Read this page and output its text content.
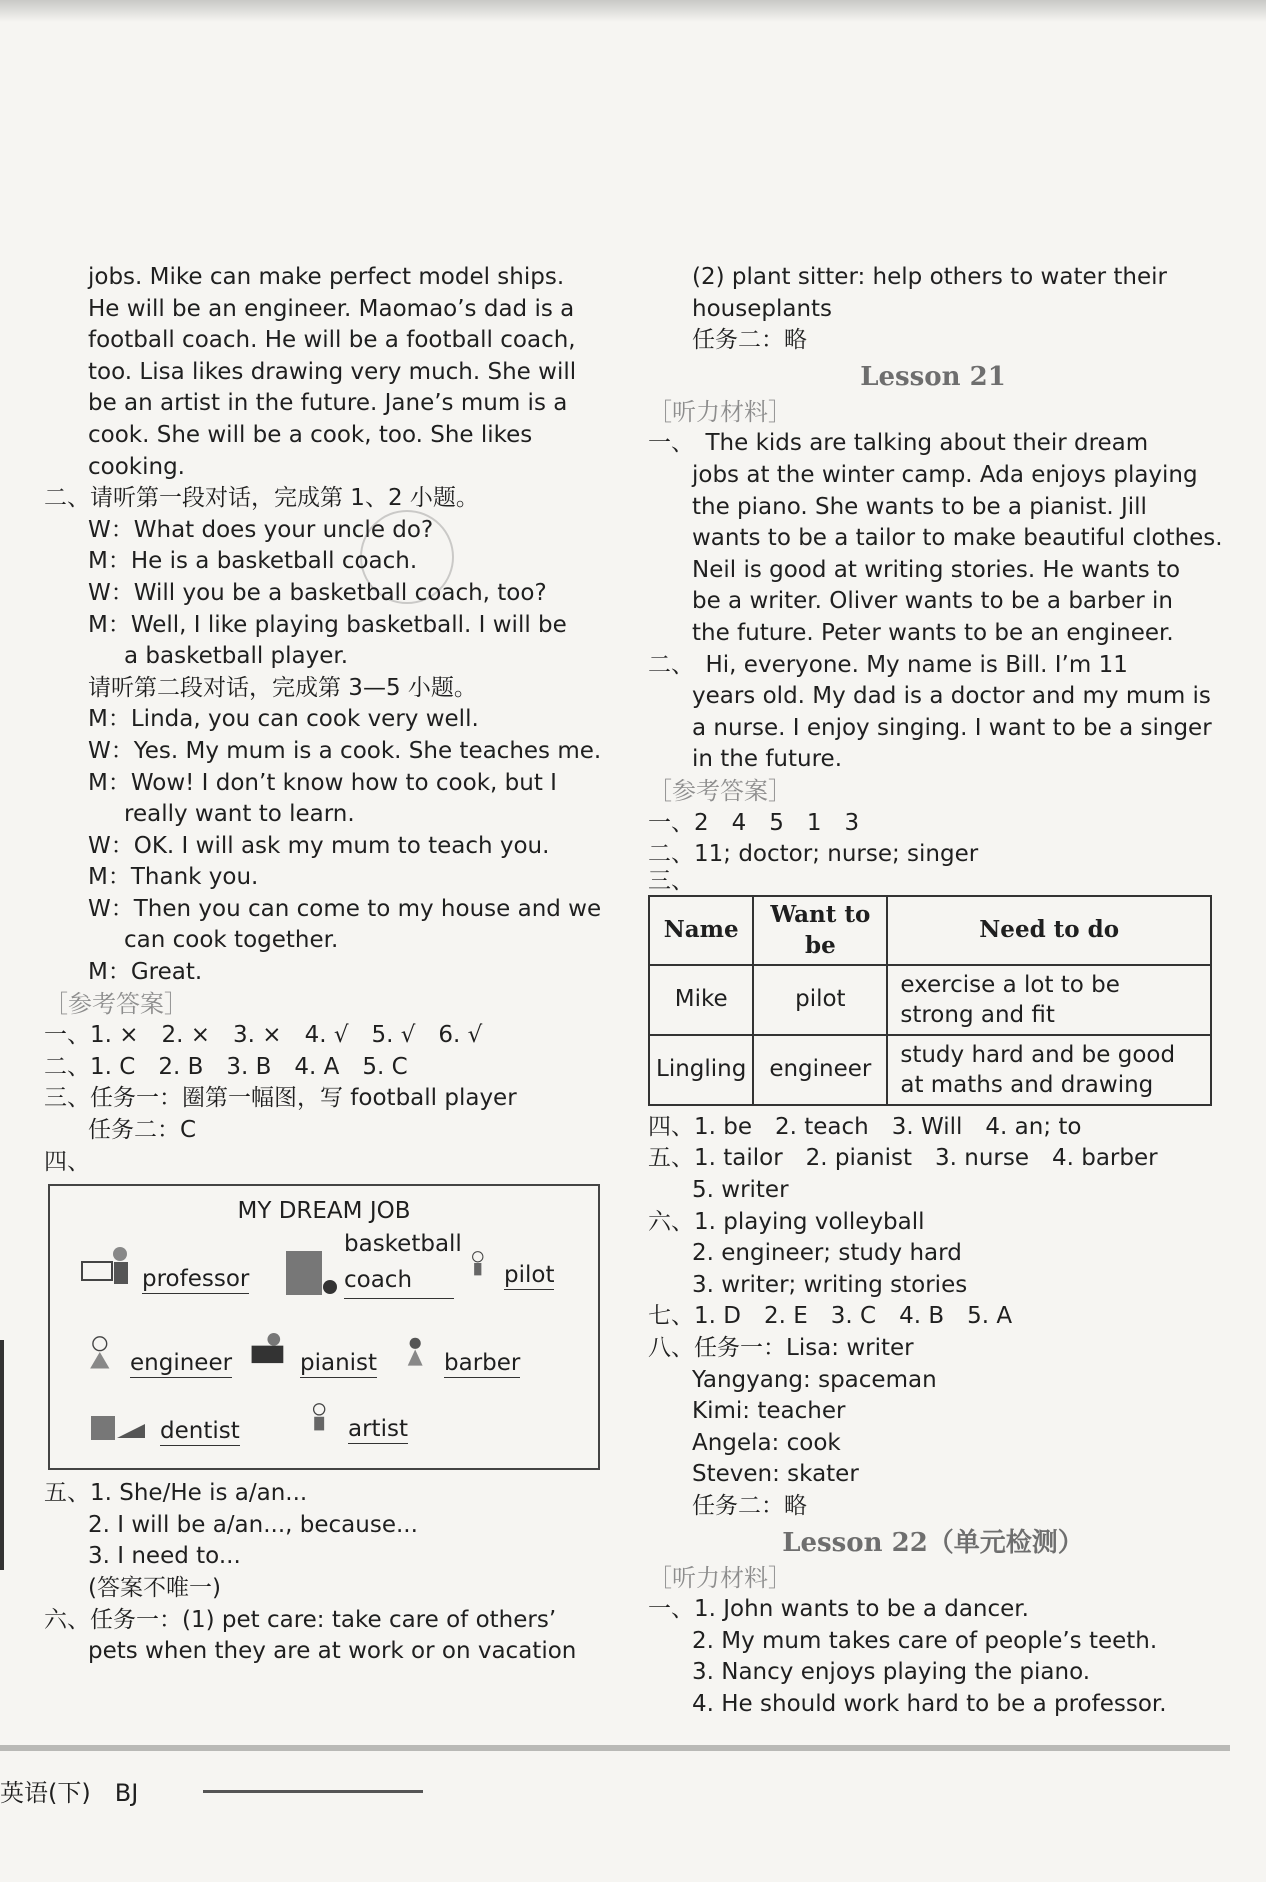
jobs. Mike can make perfect model ships.
He will be an engineer. Maomao’s dad is a
football coach. He will be a football coach,
too. Lisa likes drawing very much. She will
be an artist in the future. Jane’s mum is a
cook. She will be a cook, too. She likes
cooking.
二、请听第一段对话，完成第 1、2 小题。
W：What does your uncle do?
M：He is a basketball coach.
W：Will you be a basketball coach, too?
M：Well, I like playing basketball. I will be
a basketball player.
请听第二段对话，完成第 3—5 小题。
M：Linda, you can cook very well.
W：Yes. My mum is a cook. She teaches me.
M：Wow! I don’t know how to cook, but I
really want to learn.
W：OK. I will ask my mum to teach you.
M：Thank you.
W：Then you can come to my house and we
can cook together.
M：Great.
［参考答案］
一、1. ×　2. ×　3. ×　4. √　5. √　6. √
二、1. C　2. B　3. B　4. A　5. C
三、任务一：圈第一幅图，写 football player
任务二：C
四、
MY DREAM JOB
professor
basketball coach	pilot
engineer	pianist	barber
dentist	artist
五、1. She/He is a/an...
2. I will be a/an..., because...
3. I need to...
(答案不唯一)
六、任务一：(1) pet care: take care of others’
pets when they are at work or on vacation
(2) plant sitter: help others to water their
houseplants
任务二：略
Lesson 21
［听力材料］
一、　The kids are talking about their dream
jobs at the winter camp. Ada enjoys playing
the piano. She wants to be a pianist. Jill
wants to be a tailor to make beautiful clothes.
Neil is good at writing stories. He wants to
be a writer. Oliver wants to be a barber in
the future. Peter wants to be an engineer.
二、　Hi, everyone. My name is Bill. I’m 11
years old. My dad is a doctor and my mum is
a nurse. I enjoy singing. I want to be a singer
in the future.
［参考答案］
一、2　4　5　1　3
二、11; doctor; nurse; singer
三、
Name	Want to be	Need to do
Mike	pilot	exercise a lot to be strong and fit
Lingling	engineer	study hard and be good at maths and drawing
四、1. be　2. teach　3. Will　4. an; to
五、1. tailor　2. pianist　3. nurse　4. barber
5. writer
六、1. playing volleyball
2. engineer; study hard
3. writer; writing stories
七、1. D　2. E　3. C　4. B　5. A
八、任务一：Lisa: writer
Yangyang: spaceman
Kimi: teacher
Angela: cook
Steven: skater
任务二：略
Lesson 22（单元检测）
［听力材料］
一、1. John wants to be a dancer.
2. My mum takes care of people’s teeth.
3. Nancy enjoys playing the piano.
4. He should work hard to be a professor.
英语(下)　BJ
